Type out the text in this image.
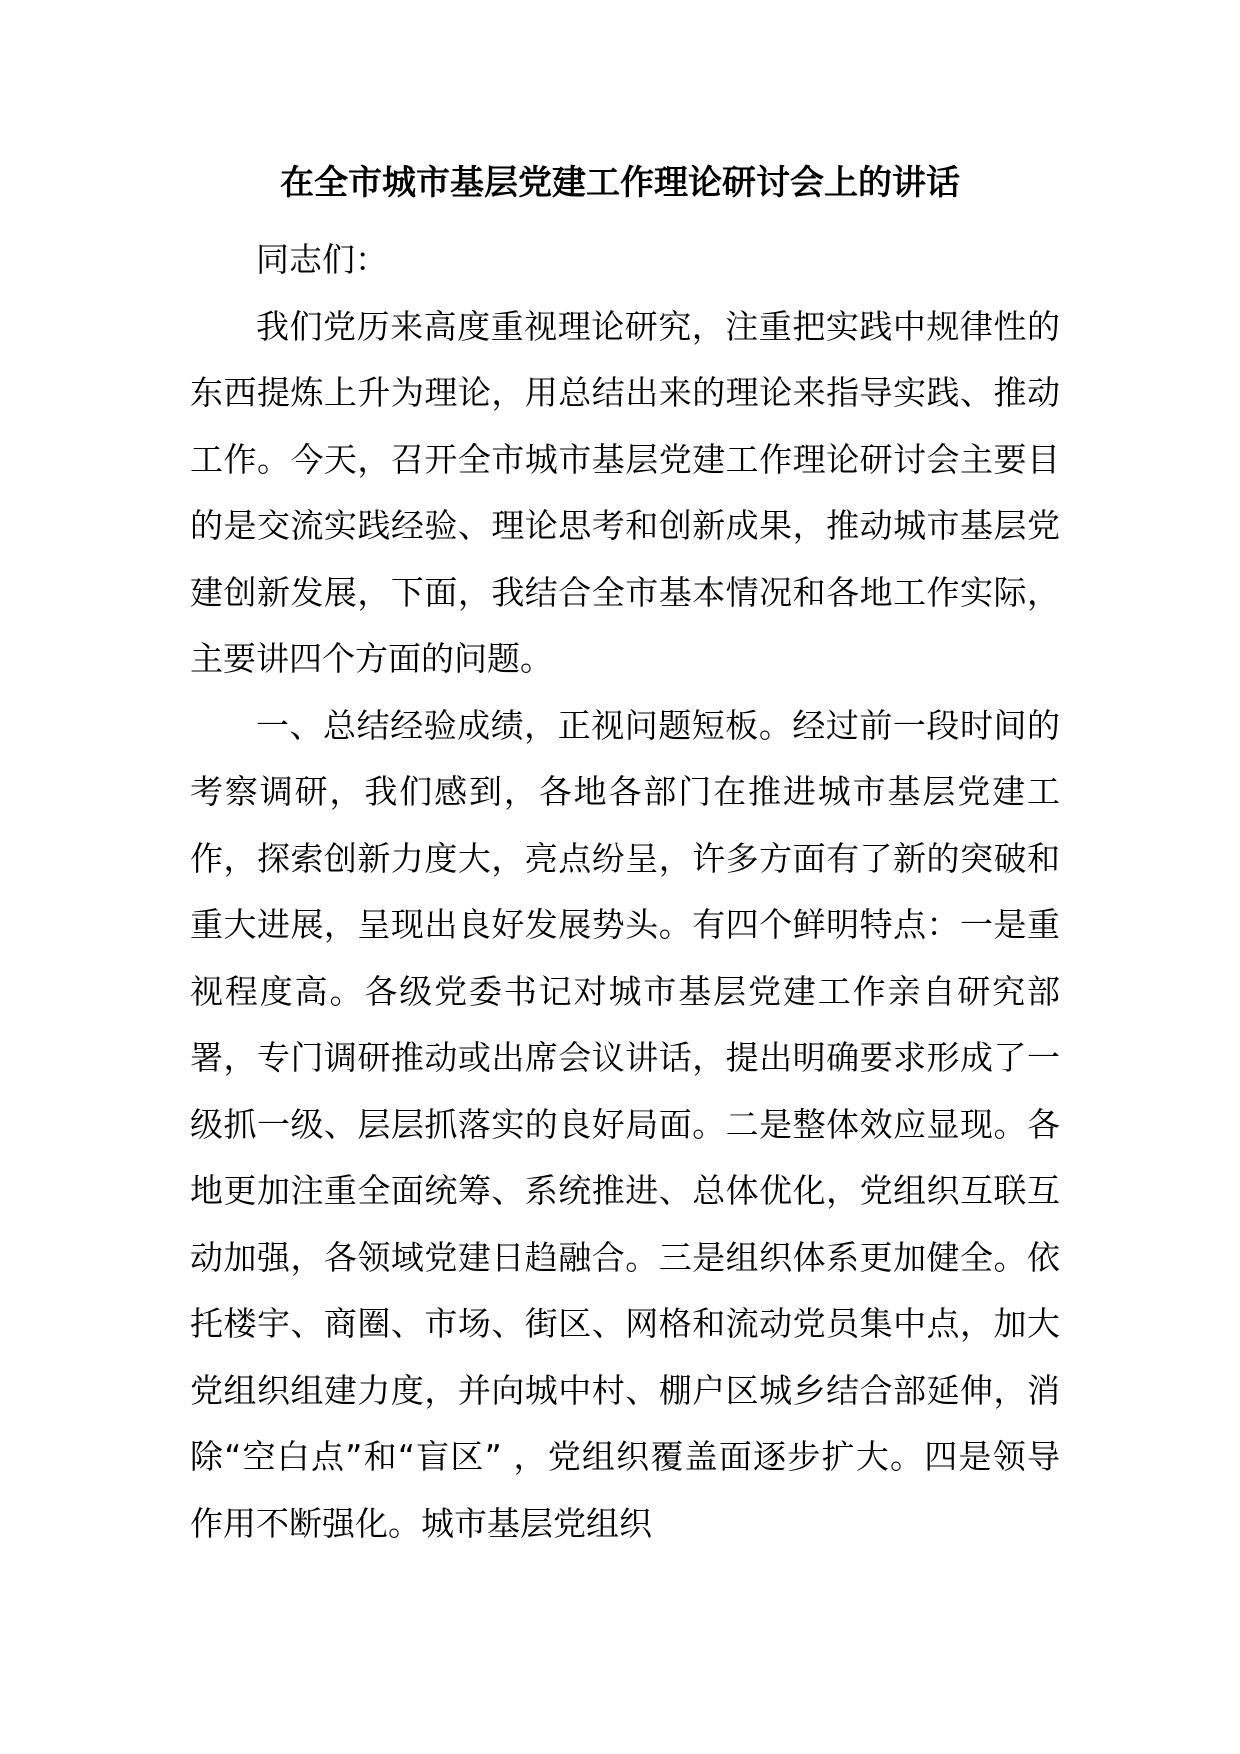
在全市城市基层党建工作理论研讨会上的讲话

同志们：

我们党历来高度重视理论研究，注重把实践中规律性的东西提炼上升为理论，用总结出来的理论来指导实践、推动工作。今天，召开全市城市基层党建工作理论研讨会主要目的是交流实践经验、理论思考和创新成果，推动城市基层党建创新发展，下面，我结合全市基本情况和各地工作实际，主要讲四个方面的问题。

一、总结经验成绩，正视问题短板。经过前一段时间的考察调研，我们感到，各地各部门在推进城市基层党建工作，探索创新力度大，亮点纷呈，许多方面有了新的突破和重大进展，呈现出良好发展势头。有四个鲜明特点：一是重视程度高。各级党委书记对城市基层党建工作亲自研究部署，专门调研推动或出席会议讲话，提出明确要求形成了一级抓一级、层层抓落实的良好局面。二是整体效应显现。各地更加注重全面统筹、系统推进、总体优化，党组织互联互动加强，各领域党建日趋融合。三是组织体系更加健全。依托楼宇、商圈、市场、街区、网格和流动党员集中点，加大党组织组建力度，并向城中村、棚户区城乡结合部延伸，消除“空白点”和“盲区” ，党组织覆盖面逐步扩大。四是领导作用不断强化。城市基层党组织
